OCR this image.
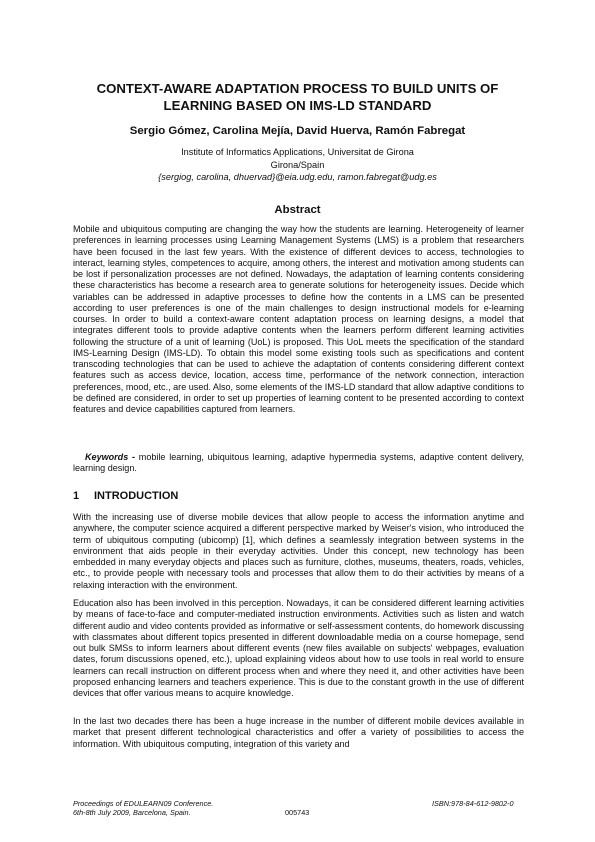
CONTEXT-AWARE ADAPTATION PROCESS TO BUILD UNITS OF
LEARNING BASED ON IMS-LD STANDARD

Sergio Gómez, Carolina Mejía, David Huerva, Ramón Fabregat

Institute of Informatics Applications, Universitat de Girona
Girona/Spain
{sergiog, carolina, dhuervad}@eia.udg.edu, ramon.fabregat@udg.es
Abstract

Mobile and ubiquitous computing are changing the way how the students are learning. Heterogeneity of learner preferences in learning processes using Learning Management Systems (LMS) is a problem that researchers have been focused in the last few years. With the existence of different devices to access, technologies to interact, learning styles, competences to acquire, among others, the interest and motivation among students can be lost if personalization processes are not defined. Nowadays, the adaptation of learning contents considering these characteristics has become a research area to generate solutions for heterogeneity issues. Decide which variables can be addressed in adaptive processes to define how the contents in a LMS can be presented according to user preferences is one of the main challenges to design instructional models for e-learning courses. In order to build a context-aware content adaptation process on learning designs, a model that integrates different tools to provide adaptive contents when the learners perform different learning activities following the structure of a unit of learning (UoL) is proposed. This UoL meets the specification of the standard IMS-Learning Design (IMS-LD). To obtain this model some existing tools such as specifications and content transcoding technologies that can be used to achieve the adaptation of contents considering different context features such as access device, location, access time, performance of the network connection, interaction preferences, mood, etc., are used. Also, some elements of the IMS-LD standard that allow adaptive conditions to be defined are considered, in order to set up properties of learning content to be presented according to context features and device capabilities captured from learners.

Keywords - mobile learning, ubiquitous learning, adaptive hypermedia systems, adaptive content delivery, learning design.

1 INTRODUCTION

With the increasing use of diverse mobile devices that allow people to access the information anytime and anywhere, the computer science acquired a different perspective marked by Weiser's vision, who introduced the term of ubiquitous computing (ubicomp) [1], which defines a seamlessly integration between systems in the environment that aids people in their everyday activities. Under this concept, new technology has been embedded in many everyday objects and places such as furniture, clothes, museums, theaters, roads, vehicles, etc., to provide people with necessary tools and processes that allow them to do their activities by means of a relaxing interaction with the environment.

Education also has been involved in this perception. Nowadays, it can be considered different learning activities by means of face-to-face and computer-mediated instruction environments. Activities such as listen and watch different audio and video contents provided as informative or self-assessment contents, do homework discussing with classmates about different topics presented in different downloadable media on a course homepage, send out bulk SMSs to inform learners about different events (new files available on subjects' webpages, evaluation dates, forum discussions opened, etc.), upload explaining videos about how to use tools in real world to ensure learners can recall instruction on different process when and where they need it, and other activities have been proposed enhancing learners and teachers experience. This is due to the constant growth in the use of different devices that offer various means to acquire knowledge.

In the last two decades there has been a huge increase in the number of different mobile devices available in market that present different technological characteristics and offer a variety of possibilities to access the information. With ubiquitous computing, integration of this variety and

Proceedings of EDULEARN09 Conference.
6th-8th July 2009, Barcelona, Spain.	005743
ISBN:978-84-612-9802-0
